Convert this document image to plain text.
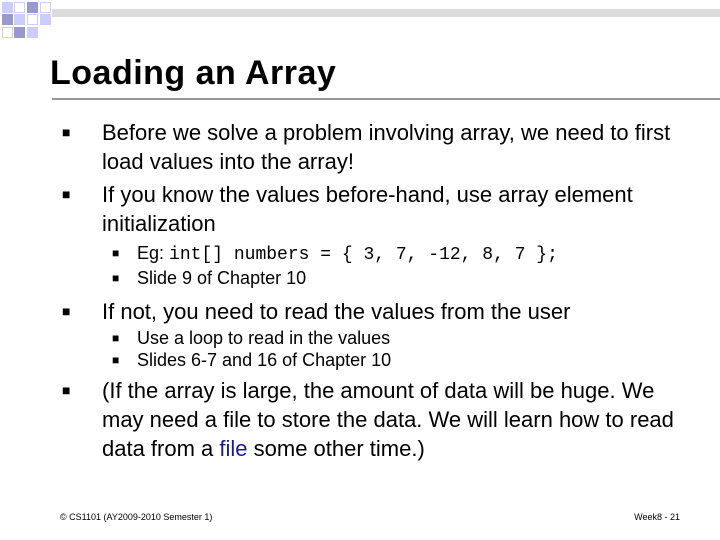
Loading an Array
■ Before we solve a problem involving array, we need to first load values into the array!
■ If you know the values before-hand, use array element initialization
■ Eg: int[] numbers = { 3, 7, -12, 8, 7 };
■ Slide 9 of Chapter 10
■ If not, you need to read the values from the user
■ Use a loop to read in the values
■ Slides 6-7 and 16 of Chapter 10
■ (If the array is large, the amount of data will be huge. We may need a file to store the data. We will learn how to read data from a file some other time.)
© CS1101 (AY2009-2010 Semester 1)	Week8 - 21
